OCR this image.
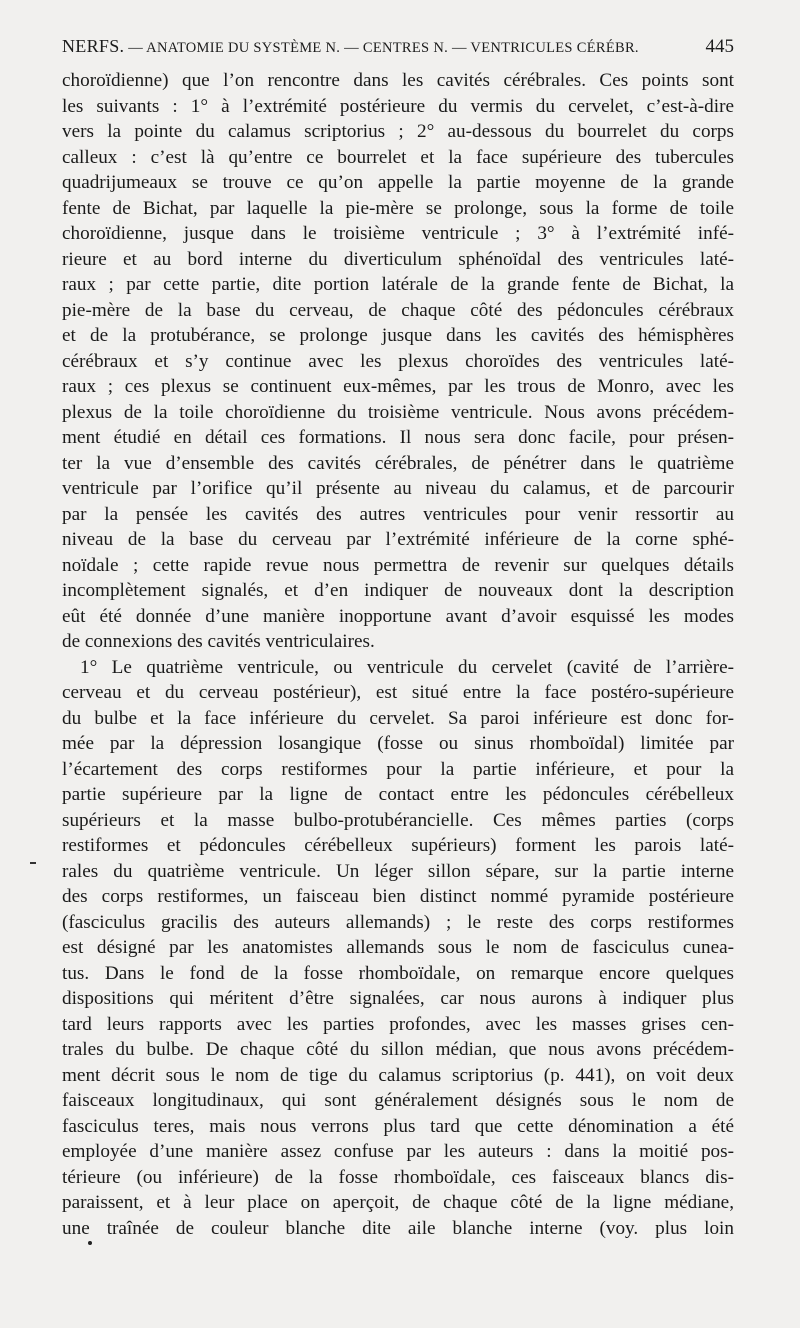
NERFS. — ANATOMIE DU SYSTÈME N. — CENTRES N. — VENTRICULES CÉRÉBR.	445
choroïdienne) que l’on rencontre dans les cavités cérébrales. Ces points sont
les suivants : 1° à l’extrémité postérieure du vermis du cervelet, c’est-à-dire
vers la pointe du calamus scriptorius ; 2° au-dessous du bourrelet du corps
calleux : c’est là qu’entre ce bourrelet et la face supérieure des tubercules
quadrijumeaux se trouve ce qu’on appelle la partie moyenne de la grande
fente de Bichat, par laquelle la pie-mère se prolonge, sous la forme de toile
choroïdienne, jusque dans le troisième ventricule ; 3° à l’extrémité infé-
rieure et au bord interne du diverticulum sphénoïdal des ventricules laté-
raux ; par cette partie, dite portion latérale de la grande fente de Bichat, la
pie-mère de la base du cerveau, de chaque côté des pédoncules cérébraux
et de la protubérance, se prolonge jusque dans les cavités des hémisphères
cérébraux et s’y continue avec les plexus choroïdes des ventricules laté-
raux ; ces plexus se continuent eux-mêmes, par les trous de Monro, avec les
plexus de la toile choroïdienne du troisième ventricule. Nous avons précédem-
ment étudié en détail ces formations. Il nous sera donc facile, pour présen-
ter la vue d’ensemble des cavités cérébrales, de pénétrer dans le quatrième
ventricule par l’orifice qu’il présente au niveau du calamus, et de parcourir
par la pensée les cavités des autres ventricules pour venir ressortir au
niveau de la base du cerveau par l’extrémité inférieure de la corne sphé-
noïdale ; cette rapide revue nous permettra de revenir sur quelques détails
incomplètement signalés, et d’en indiquer de nouveaux dont la description
eût été donnée d’une manière inopportune avant d’avoir esquissé les modes
de connexions des cavités ventriculaires.
1° Le quatrième ventricule, ou ventricule du cervelet (cavité de l’arrière-
cerveau et du cerveau postérieur), est situé entre la face postéro-supérieure
du bulbe et la face inférieure du cervelet. Sa paroi inférieure est donc for-
mée par la dépression losangique (fosse ou sinus rhomboïdal) limitée par
l’écartement des corps restiformes pour la partie inférieure, et pour la
partie supérieure par la ligne de contact entre les pédoncules cérébelleux
supérieurs et la masse bulbo-protubérancielle. Ces mêmes parties (corps
restiformes et pédoncules cérébelleux supérieurs) forment les parois laté-
rales du quatrième ventricule. Un léger sillon sépare, sur la partie interne
des corps restiformes, un faisceau bien distinct nommé pyramide postérieure
(fasciculus gracilis des auteurs allemands) ; le reste des corps restiformes
est désigné par les anatomistes allemands sous le nom de fasciculus cunea-
tus. Dans le fond de la fosse rhomboïdale, on remarque encore quelques
dispositions qui méritent d’être signalées, car nous aurons à indiquer plus
tard leurs rapports avec les parties profondes, avec les masses grises cen-
trales du bulbe. De chaque côté du sillon médian, que nous avons précédem-
ment décrit sous le nom de tige du calamus scriptorius (p. 441), on voit deux
faisceaux longitudinaux, qui sont généralement désignés sous le nom de
fasciculus teres, mais nous verrons plus tard que cette dénomination a été
employée d’une manière assez confuse par les auteurs : dans la moitié pos-
térieure (ou inférieure) de la fosse rhomboïdale, ces faisceaux blancs dis-
paraissent, et à leur place on aperçoit, de chaque côté de la ligne médiane,
une traînée de couleur blanche dite aile blanche interne (voy. plus loin
